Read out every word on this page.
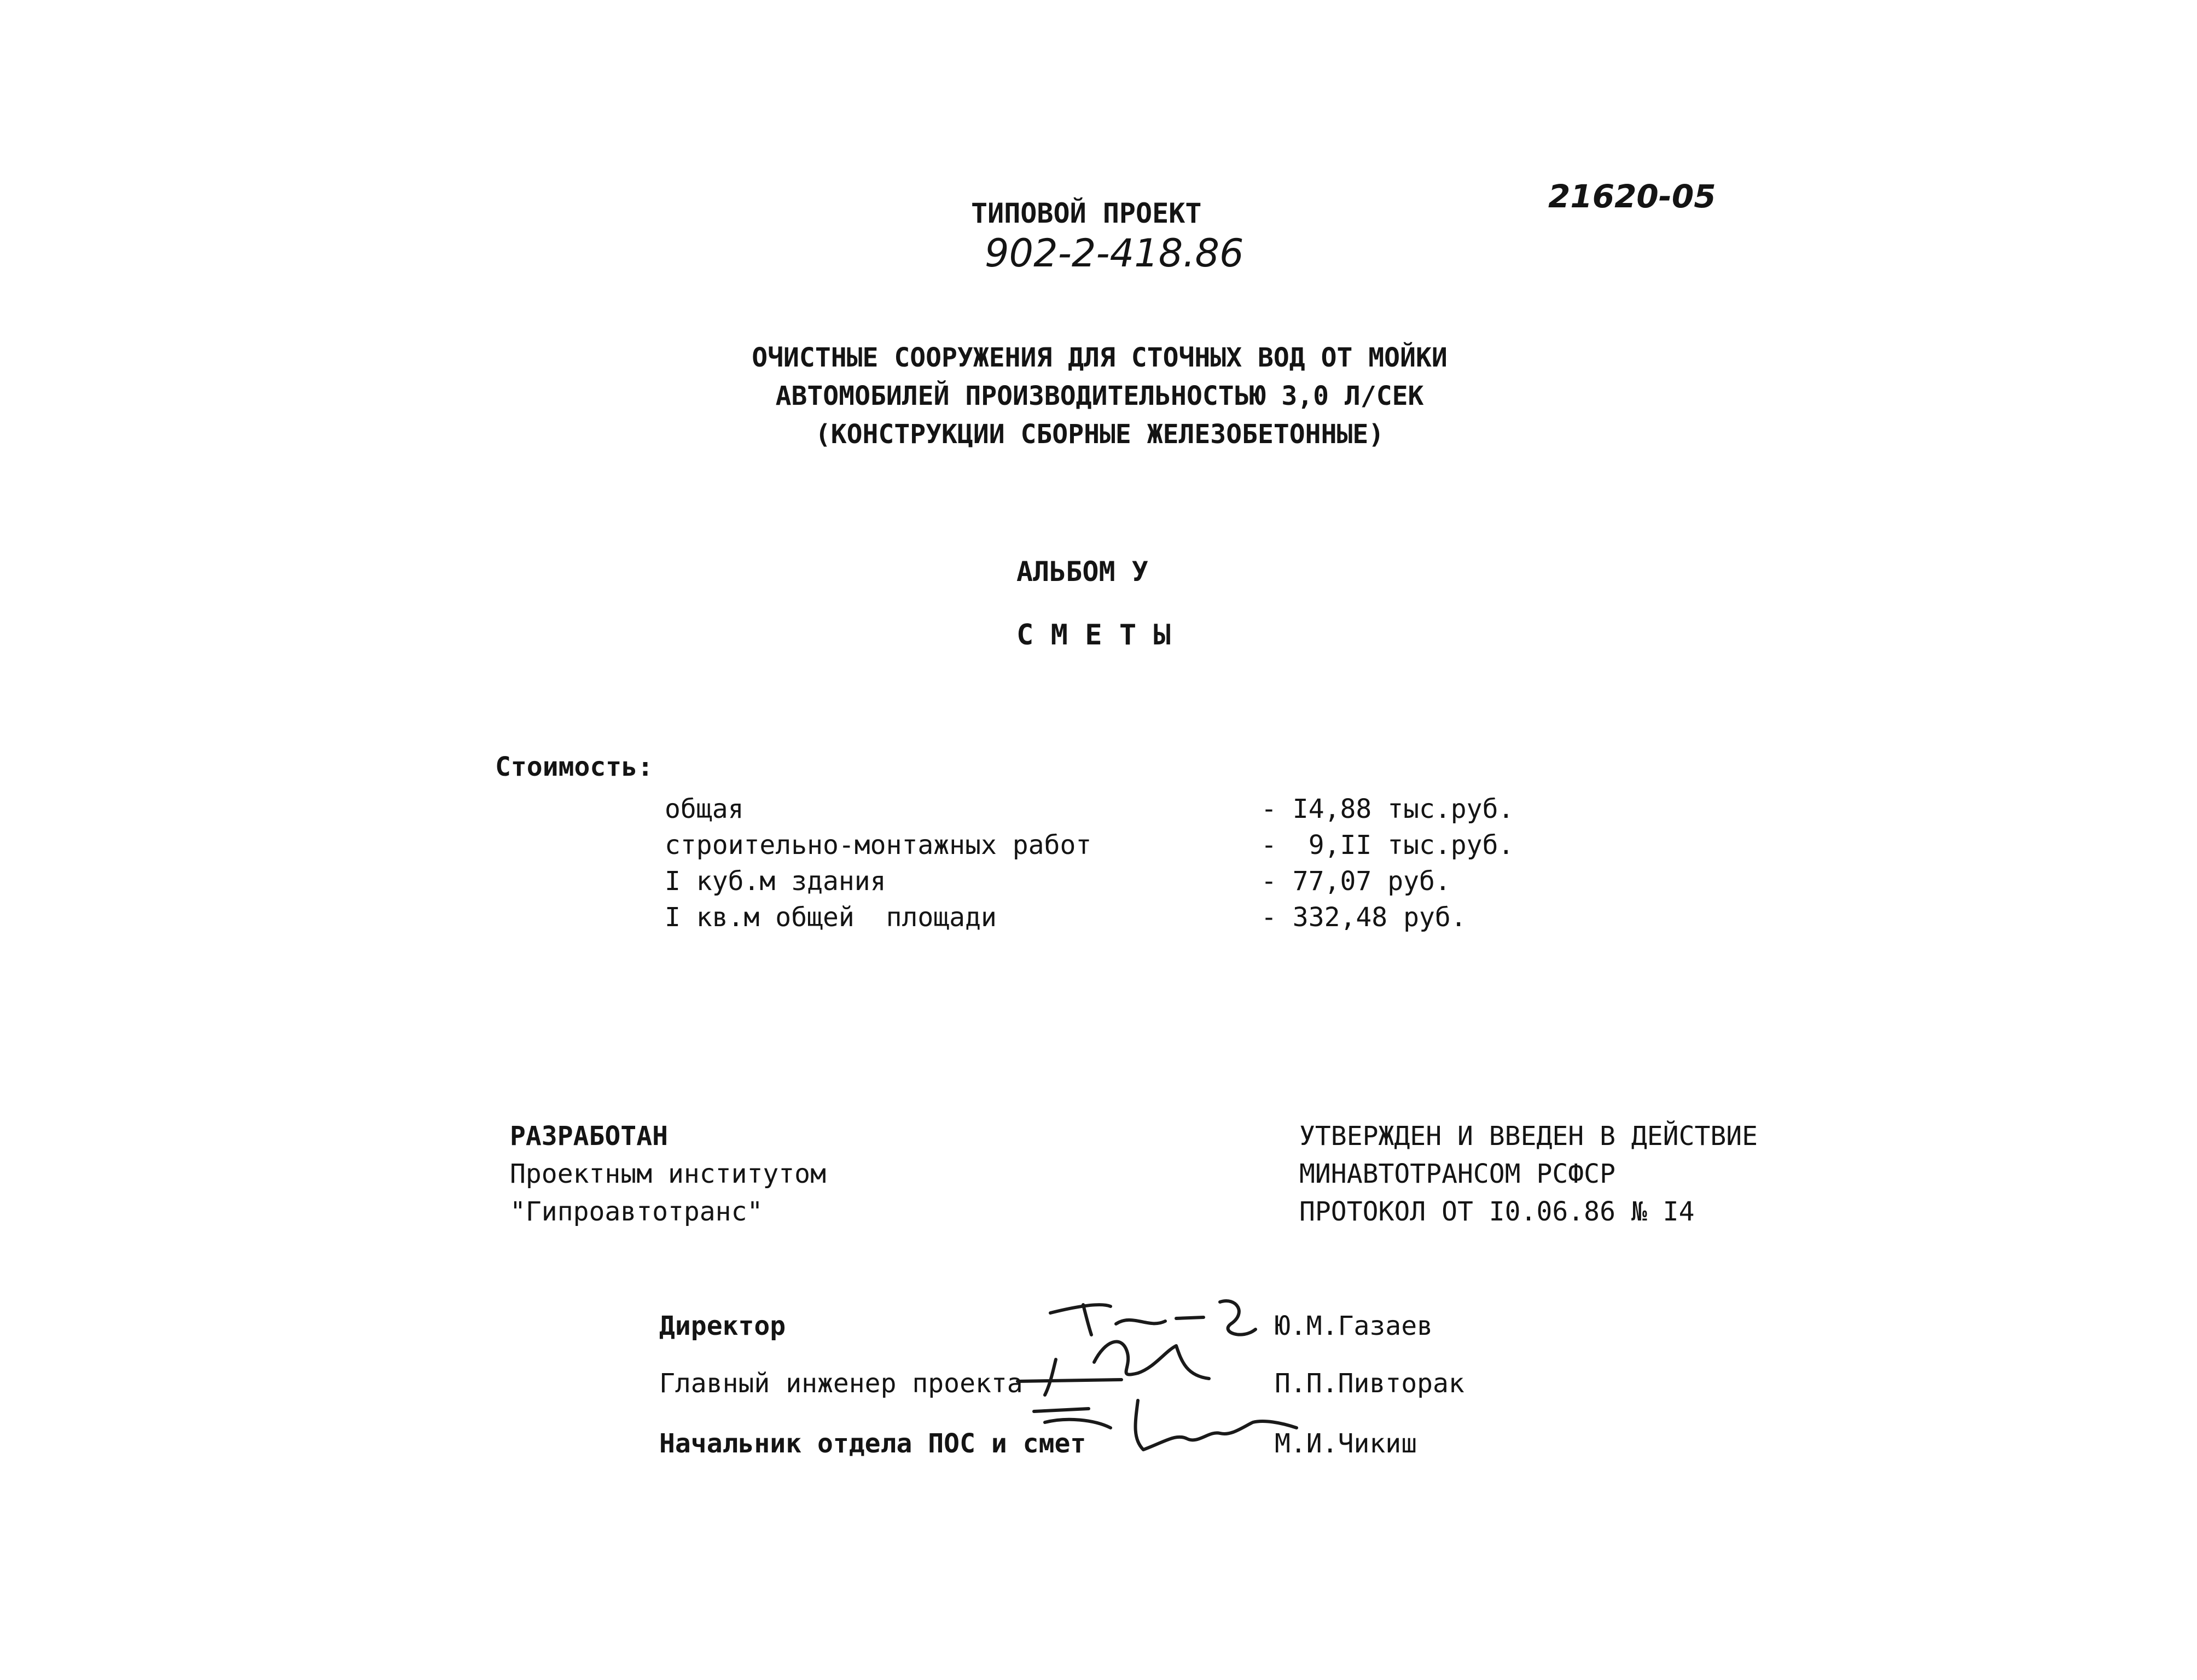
21620-05
ТИПОВОЙ ПРОЕКТ
902-2-418.86
ОЧИСТНЫЕ СООРУЖЕНИЯ ДЛЯ СТОЧНЫХ ВОД ОТ МОЙКИ
АВТОМОБИЛЕЙ ПРОИЗВОДИТЕЛЬНОСТЬЮ 3,0 Л/СЕК
(КОНСТРУКЦИИ СБОРНЫЕ ЖЕЛЕЗОБЕТОННЫЕ)
АЛЬБОМ У
С М Е Т Ы
Стоимость:
общая	- I4,88 тыс.руб.
строительно-монтажных работ	-  9,II тыс.руб.
I куб.м здания	- 77,07 руб.
I кв.м общей  площади	- 332,48 руб.
РАЗРАБОТАН
Проектным институтом
"Гипроавтотранс"
УТВЕРЖДЕН И ВВЕДЕН В ДЕЙСТВИЕ
МИНАВТОТРАНСОМ РСФСР
ПРОТОКОЛ ОТ I0.06.86 № I4
Директор	Ю.М.Газаев
Главный инженер проекта	П.П.Пивторак
Начальник отдела ПОС и смет	М.И.Чикиш
